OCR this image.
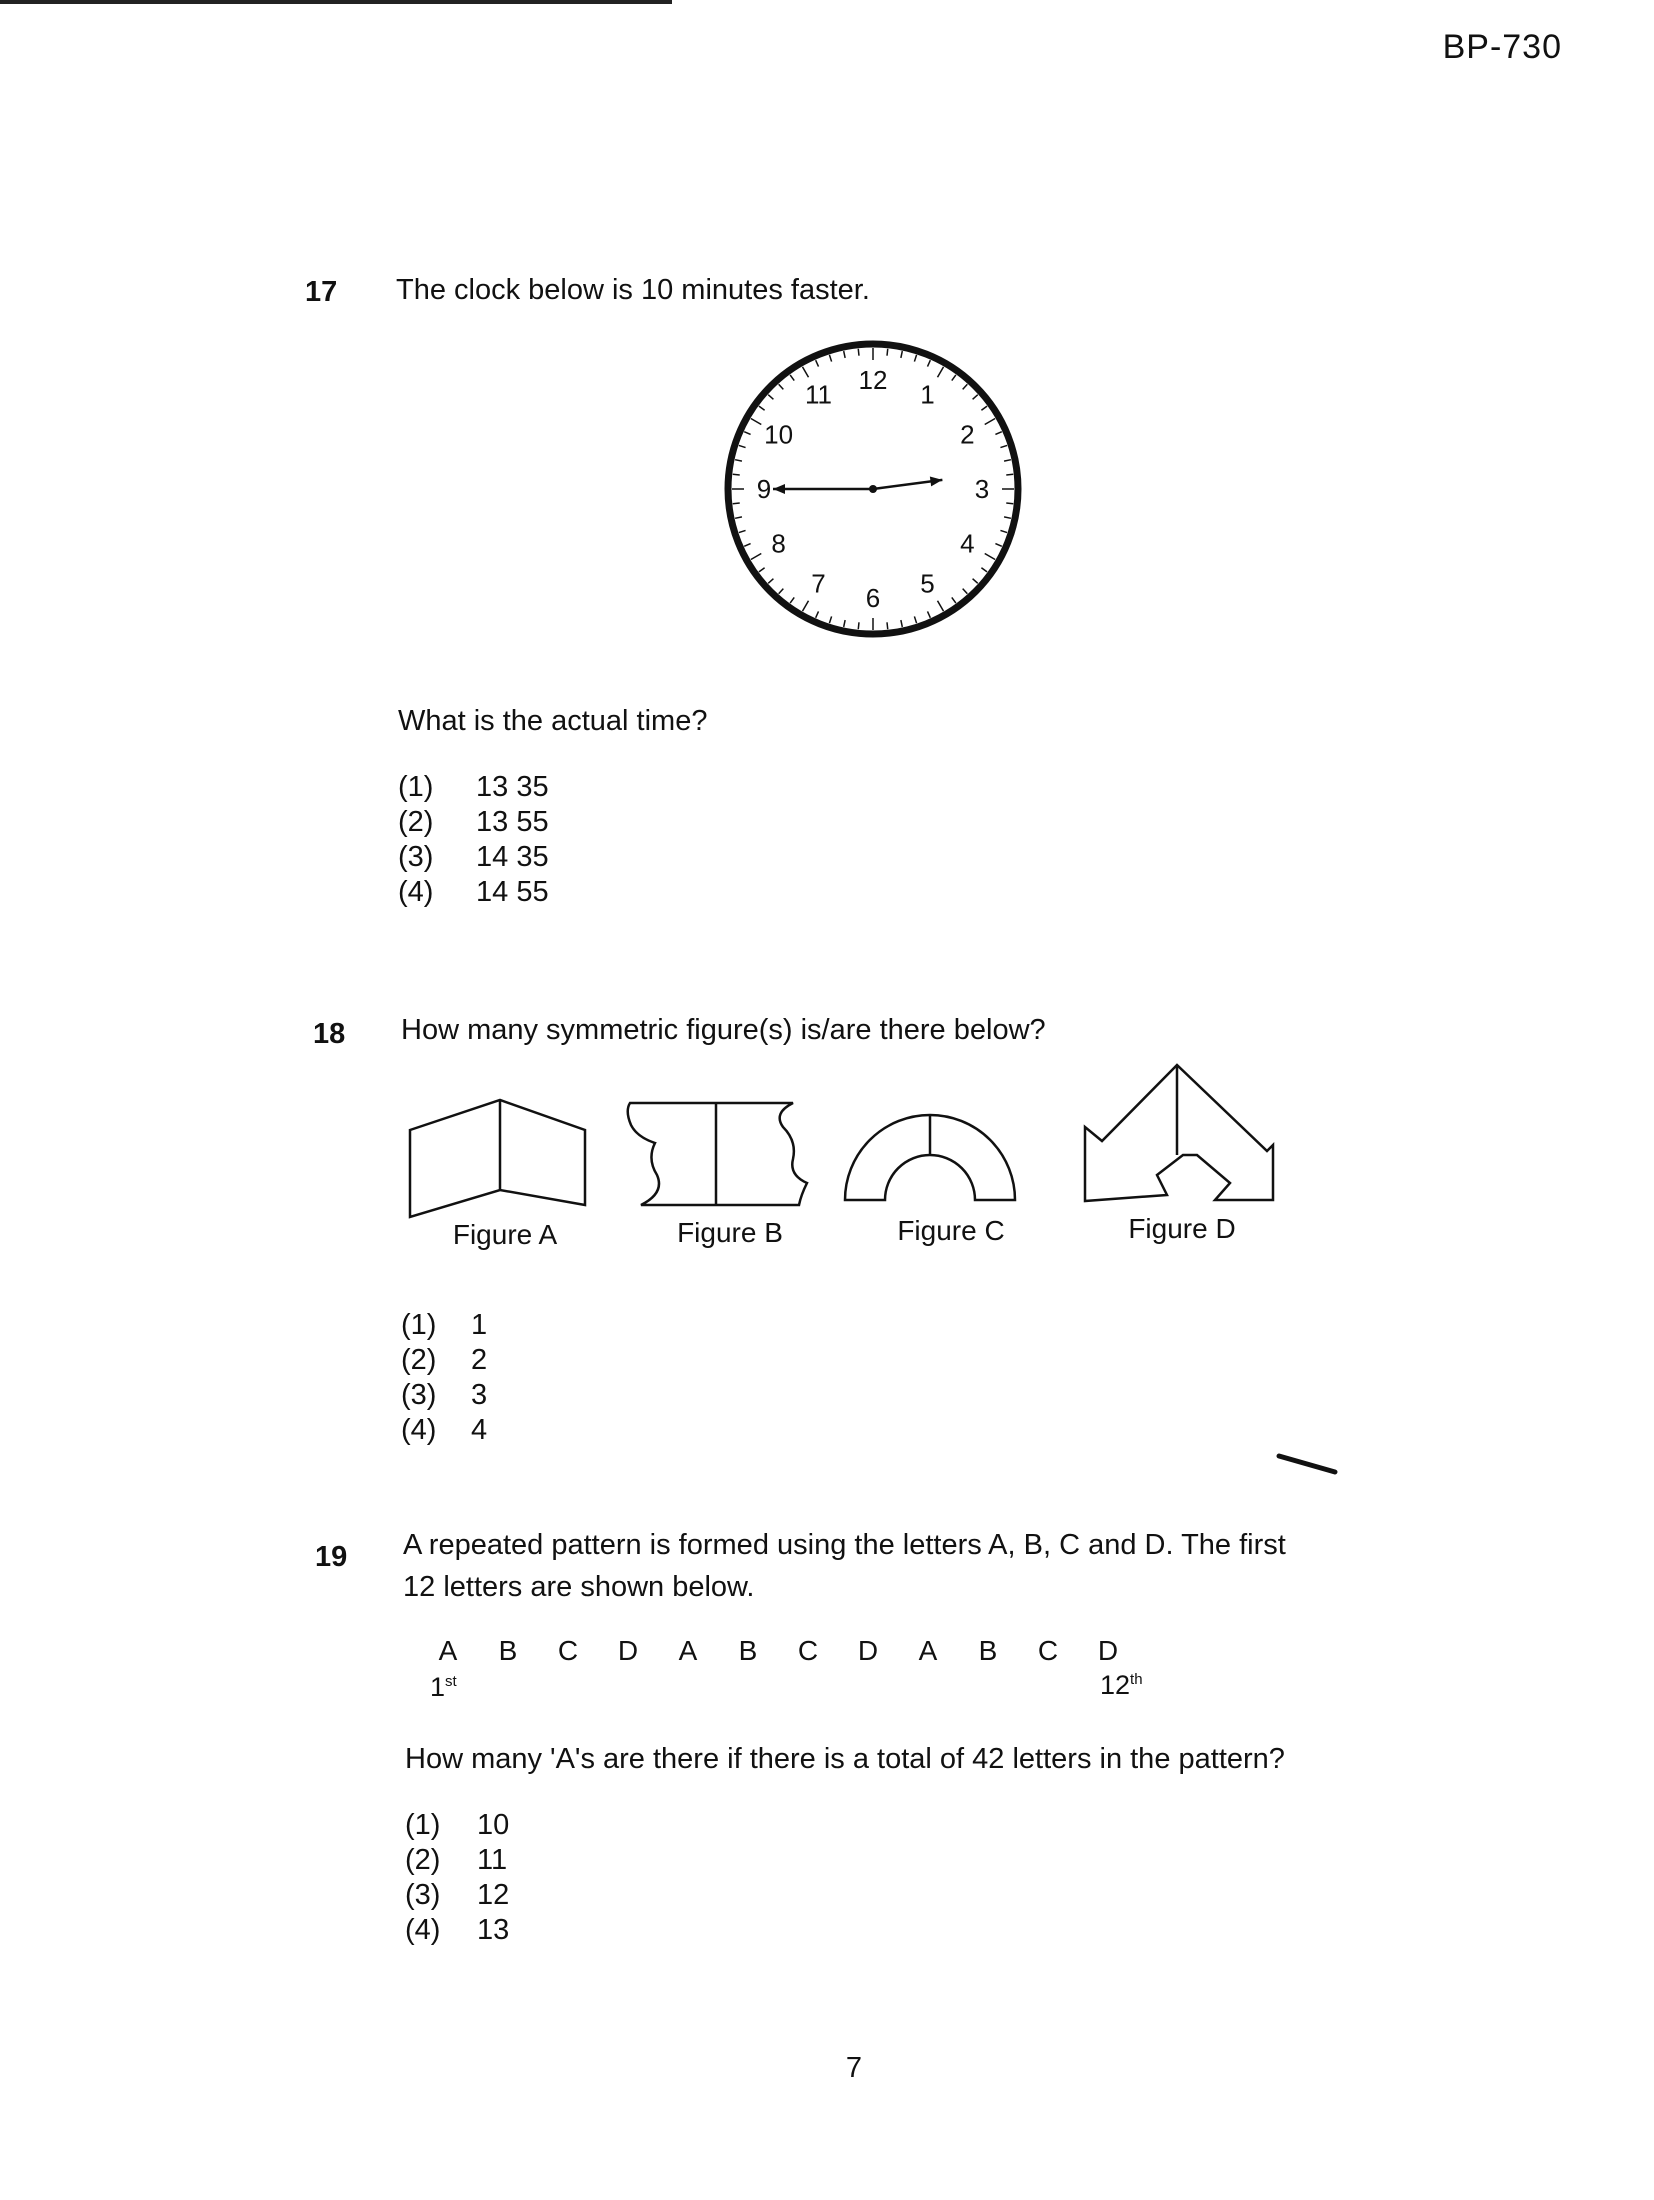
BP-730
17 The clock below is 10 minutes faster.
12 1
2
3
4
5
6
7
8
9
10
11
What is the actual time?
(1)	13 35
(2)	13 55
(3)	14 35
(4)	14 55
18 How many symmetric figure(s) is/are there below?
Figure A	Figure B	Figure C	Figure D
(1)	1
(2)	2
(3)	3
(4)	4
19 A repeated pattern is formed using the letters A, B, C and D. The first
12 letters are shown below.
A	B	C	D	A	B	C	D	A	B	C	D
1st	12th
How many 'A's are there if there is a total of 42 letters in the pattern?
(1)	10
(2)	11
(3)	12
(4)	13
7
